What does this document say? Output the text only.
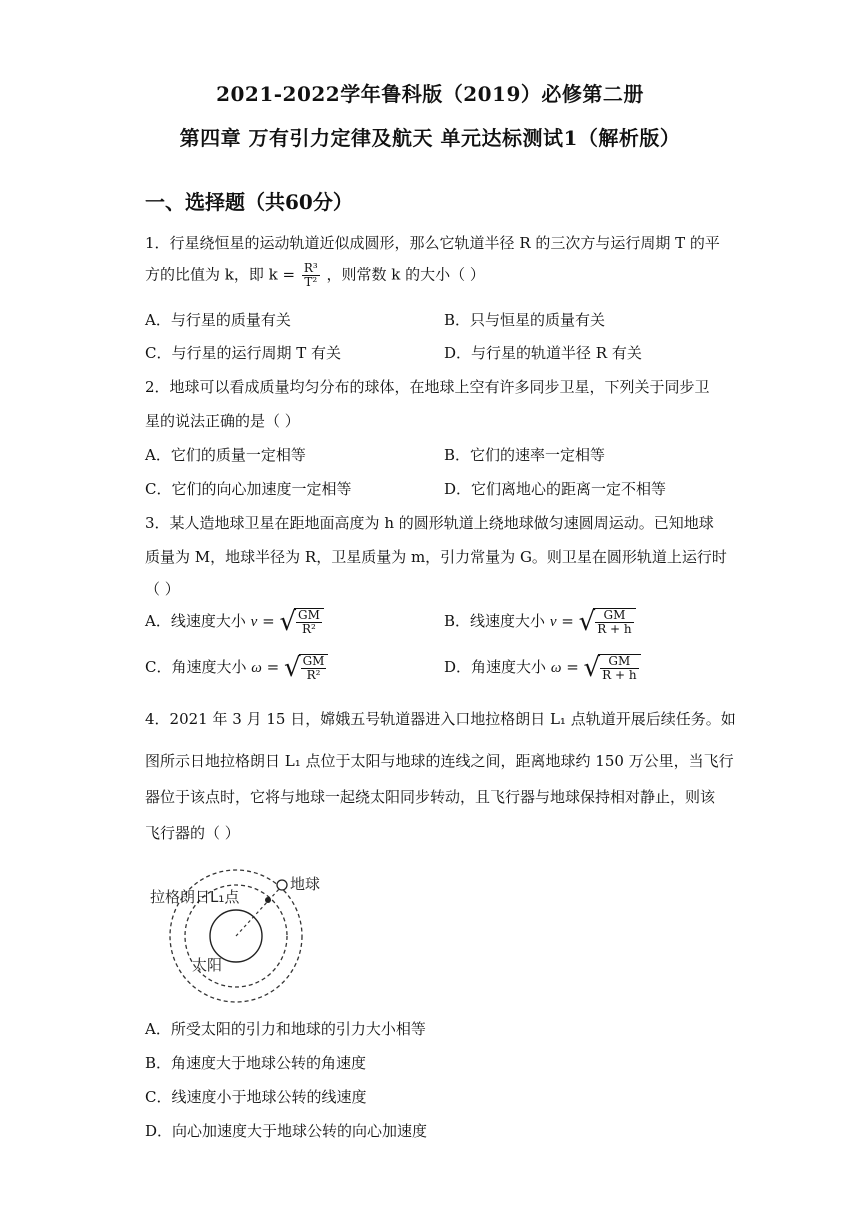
2021-2022学年鲁科版（2019）必修第二册
第四章 万有引力定律及航天 单元达标测试1（解析版）
一、选择题（共60分）
1．行星绕恒星的运动轨道近似成圆形，那么它轨道半径 R 的三次方与运行周期 T 的平
方的比值为 k，即 $k = \frac{\text{R³}}{\text{T²}}$ ，则常数 k 的大小（ ）
A．与行星的质量有关	B．只与恒星的质量有关
C．与行星的运行周期 T 有关	D．与行星的轨道半径 R 有关
2．地球可以看成质量均匀分布的球体，在地球上空有许多同步卫星，下列关于同步卫
星的说法正确的是（ ）
A．它们的质量一定相等	B．它们的速率一定相等
C．它们的向心加速度一定相等	D．它们离地心的距离一定不相等
3．某人造地球卫星在距地面高度为 h 的圆形轨道上绕地球做匀速圆周运动。已知地球
质量为 M，地球半径为 R，卫星质量为 m，引力常量为 G。则卫星在圆形轨道上运行时
（ ）
A．线速度大小 v = √ $\frac{GM}{\text{R²}}$	B．线速度大小 v = √ $\frac{GM}{R + h}$
C．角速度大小 ω = √ $\frac{GM}{\text{R²}}$	D．角速度大小 ω = √ $\frac{GM}{R + h}$
4．2021 年 3 月 15 日，嫦娥五号轨道器进入口地拉格朗日 L₁ 点轨道开展后续任务。如
图所示日地拉格朗日 L₁ 点位于太阳与地球的连线之间，距离地球约 150 万公里，当飞行
器位于该点时，它将与地球一起绕太阳同步转动，且飞行器与地球保持相对静止，则该
飞行器的（ ）
拉格朗日L₁点
地球
太阳
A．所受太阳的引力和地球的引力大小相等
B．角速度大于地球公转的角速度
C．线速度小于地球公转的线速度
D．向心加速度大于地球公转的向心加速度
